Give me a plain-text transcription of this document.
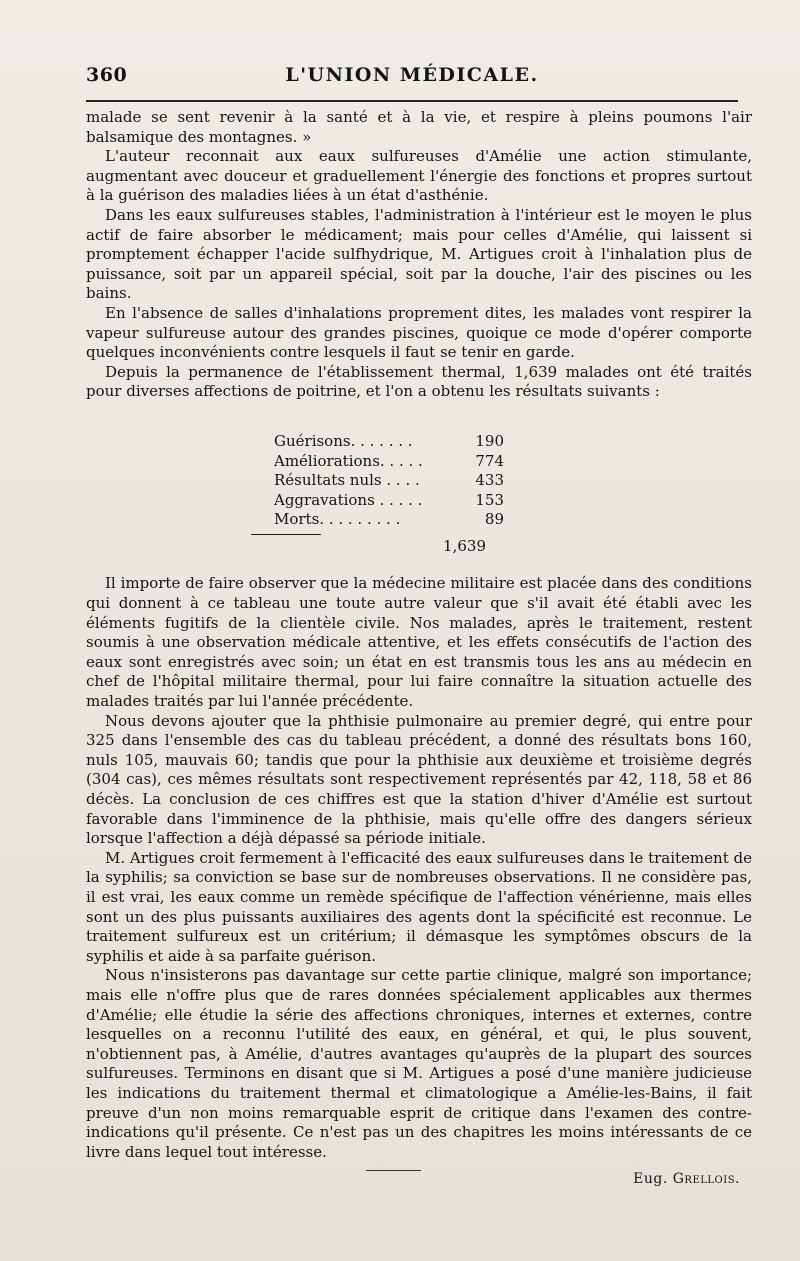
360	L'UNION MÉDICALE.

malade se sent revenir à la santé et à la vie, et respire à pleins poumons l'air balsamique des montagnes. »

L'auteur reconnait aux eaux sulfureuses d'Amélie une action stimulante, augmentant avec douceur et graduellement l'énergie des fonctions et propres surtout à la guérison des maladies liées à un état d'asthénie.

Dans les eaux sulfureuses stables, l'administration à l'intérieur est le moyen le plus actif de faire absorber le médicament; mais pour celles d'Amélie, qui laissent si promptement échapper l'acide sulfhydrique, M. Artigues croit à l'inhalation plus de puissance, soit par un appareil spécial, soit par la douche, l'air des piscines ou les bains.

En l'absence de salles d'inhalations proprement dites, les malades vont respirer la vapeur sulfureuse autour des grandes piscines, quoique ce mode d'opérer comporte quelques inconvénients contre lesquels il faut se tenir en garde.

Depuis la permanence de l'établissement thermal, 1,639 malades ont été traités pour diverses affections de poitrine, et l'on a obtenu les résultats suivants :

Guérisons. . . . . . .	190
Améliorations. . . . .	774
Résultats nuls . . . .	433
Aggravations . . . . .	153
Morts. . . . . . . . .	89
1,639

Il importe de faire observer que la médecine militaire est placée dans des conditions qui donnent à ce tableau une toute autre valeur que s'il avait été établi avec les éléments fugitifs de la clientèle civile. Nos malades, après le traitement, restent soumis à une observation médicale attentive, et les effets consécutifs de l'action des eaux sont enregistrés avec soin; un état en est transmis tous les ans au médecin en chef de l'hôpital militaire thermal, pour lui faire connaître la situation actuelle des malades traités par lui l'année précédente.

Nous devons ajouter que la phthisie pulmonaire au premier degré, qui entre pour 325 dans l'ensemble des cas du tableau précédent, a donné des résultats bons 160, nuls 105, mauvais 60; tandis que pour la phthisie aux deuxième et troisième degrés (304 cas), ces mêmes résultats sont respectivement représentés par 42, 118, 58 et 86 décès. La conclusion de ces chiffres est que la station d'hiver d'Amélie est surtout favorable dans l'imminence de la phthisie, mais qu'elle offre des dangers sérieux lorsque l'affection a déjà dépassé sa période initiale.

M. Artigues croit fermement à l'efficacité des eaux sulfureuses dans le traitement de la syphilis; sa conviction se base sur de nombreuses observations. Il ne considère pas, il est vrai, les eaux comme un remède spécifique de l'affection vénérienne, mais elles sont un des plus puissants auxiliaires des agents dont la spécificité est reconnue. Le traitement sulfureux est un critérium; il démasque les symptômes obscurs de la syphilis et aide à sa parfaite guérison.

Nous n'insisterons pas davantage sur cette partie clinique, malgré son importance; mais elle n'offre plus que de rares données spécialement applicables aux thermes d'Amélie; elle étudie la série des affections chroniques, internes et externes, contre lesquelles on a reconnu l'utilité des eaux, en général, et qui, le plus souvent, n'obtiennent pas, à Amélie, d'autres avantages qu'auprès de la plupart des sources sulfureuses. Terminons en disant que si M. Artigues a posé d'une manière judicieuse les indications du traitement thermal et climatologique a Amélie-les-Bains, il fait preuve d'un non moins remarquable esprit de critique dans l'examen des contre-indications qu'il présente. Ce n'est pas un des chapitres les moins intéressants de ce livre dans lequel tout intéresse.

Eug. Grellois.
